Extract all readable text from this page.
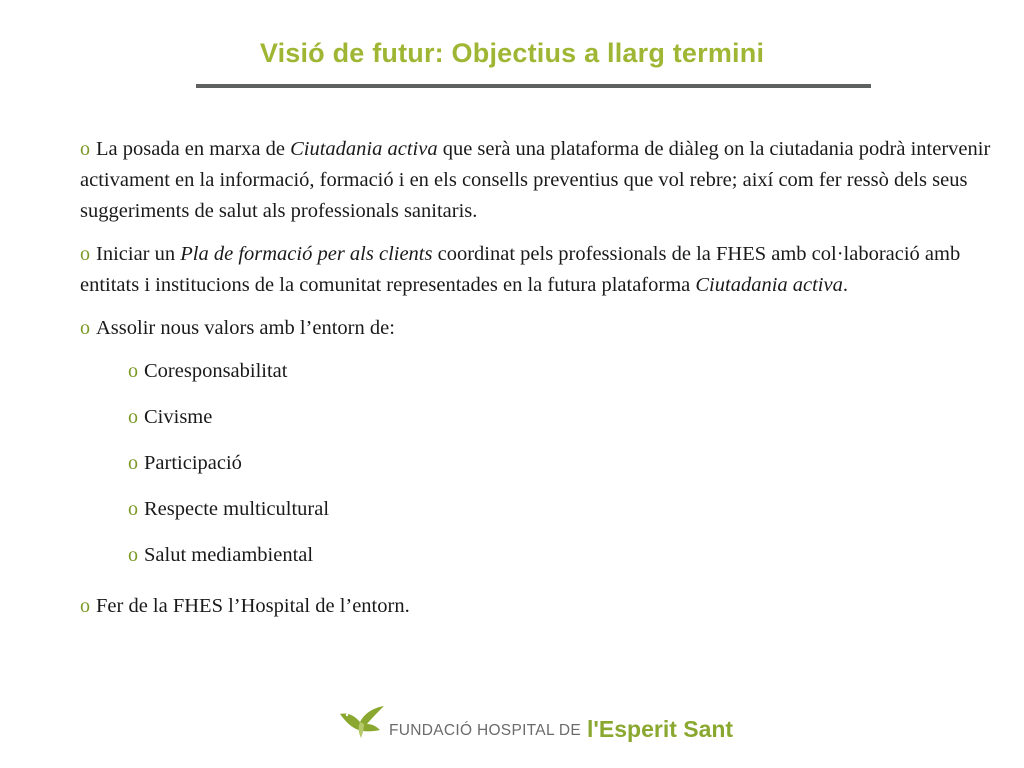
Visió de futur: Objectius a llarg termini

o La posada en marxa de Ciutadania activa que serà una plataforma de diàleg on la ciutadania podrà intervenir activament en la informació, formació i en els consells preventius que vol rebre; així com fer ressò dels seus suggeriments de salut als professionals sanitaris.

o Iniciar un Pla de formació per als clients coordinat pels professionals de la FHES amb col·laboració amb entitats i institucions de la comunitat representades en la futura plataforma Ciutadania activa.

o Assolir nous valors amb l’entorn de:

o Coresponsabilitat

o Civisme

o Participació

o Respecte multicultural

o Salut mediambiental

o Fer de la FHES l’Hospital de l’entorn.

FUNDACIÓ HOSPITAL DE l'Esperit Sant
